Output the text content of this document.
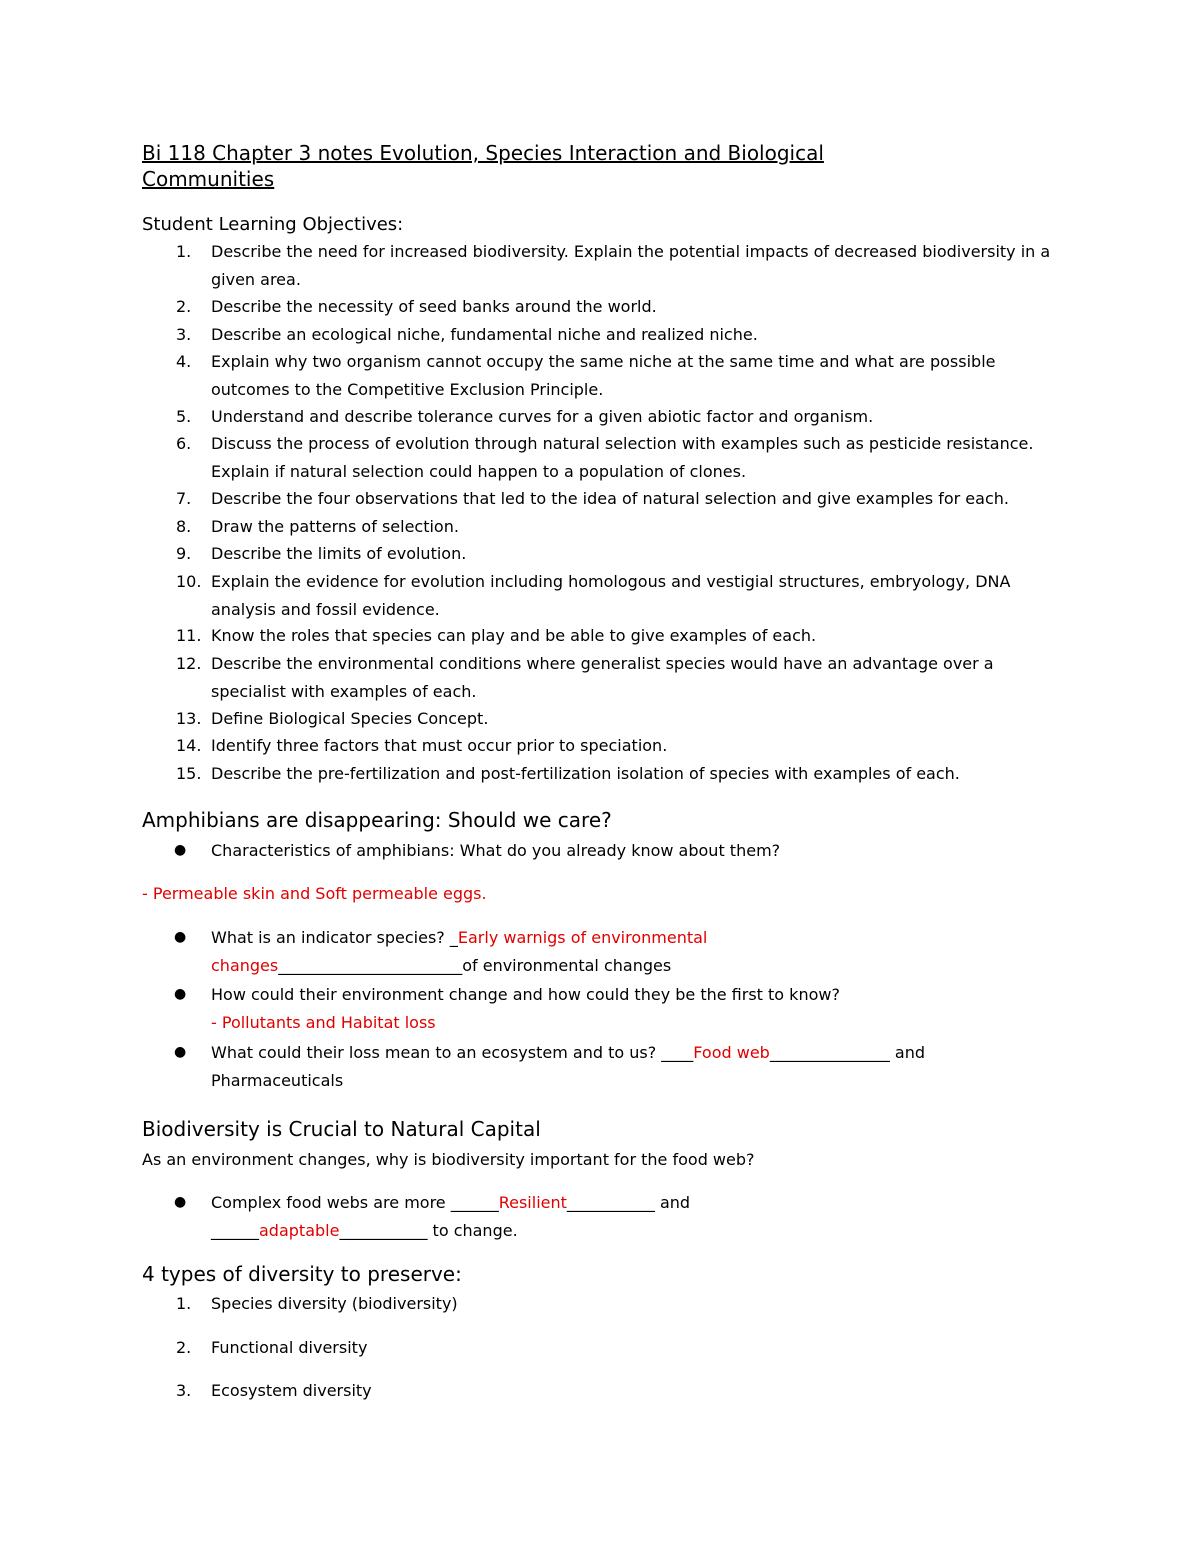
Bi 118 Chapter 3 notes Evolution, Species Interaction and Biological Communities
Student Learning Objectives:
1. Describe the need for increased biodiversity. Explain the potential impacts of decreased biodiversity in a given area.
2. Describe the necessity of seed banks around the world.
3. Describe an ecological niche, fundamental niche and realized niche.
4. Explain why two organism cannot occupy the same niche at the same time and what are possible outcomes to the Competitive Exclusion Principle.
5. Understand and describe tolerance curves for a given abiotic factor and organism.
6. Discuss the process of evolution through natural selection with examples such as pesticide resistance. Explain if natural selection could happen to a population of clones.
7. Describe the four observations that led to the idea of natural selection and give examples for each.
8. Draw the patterns of selection.
9. Describe the limits of evolution.
10. Explain the evidence for evolution including homologous and vestigial structures, embryology, DNA analysis and fossil evidence.
11. Know the roles that species can play and be able to give examples of each.
12. Describe the environmental conditions where generalist species would have an advantage over a specialist with examples of each.
13. Define Biological Species Concept.
14. Identify three factors that must occur prior to speciation.
15. Describe the pre-fertilization and post-fertilization isolation of species with examples of each.
Amphibians are disappearing: Should we care?
● Characteristics of amphibians: What do you already know about them?
- Permeable skin and Soft permeable eggs.
● What is an indicator species? _Early warnigs of environmental
changes_______________________of environmental changes
● How could their environment change and how could they be the first to know?
- Pollutants and Habitat loss
● What could their loss mean to an ecosystem and to us? ____Food web_______________ and
Pharmaceuticals
Biodiversity is Crucial to Natural Capital
As an environment changes, why is biodiversity important for the food web?
● Complex food webs are more ______Resilient___________ and
______adaptable___________ to change.
4 types of diversity to preserve:
1. Species diversity (biodiversity)
2. Functional diversity
3. Ecosystem diversity
